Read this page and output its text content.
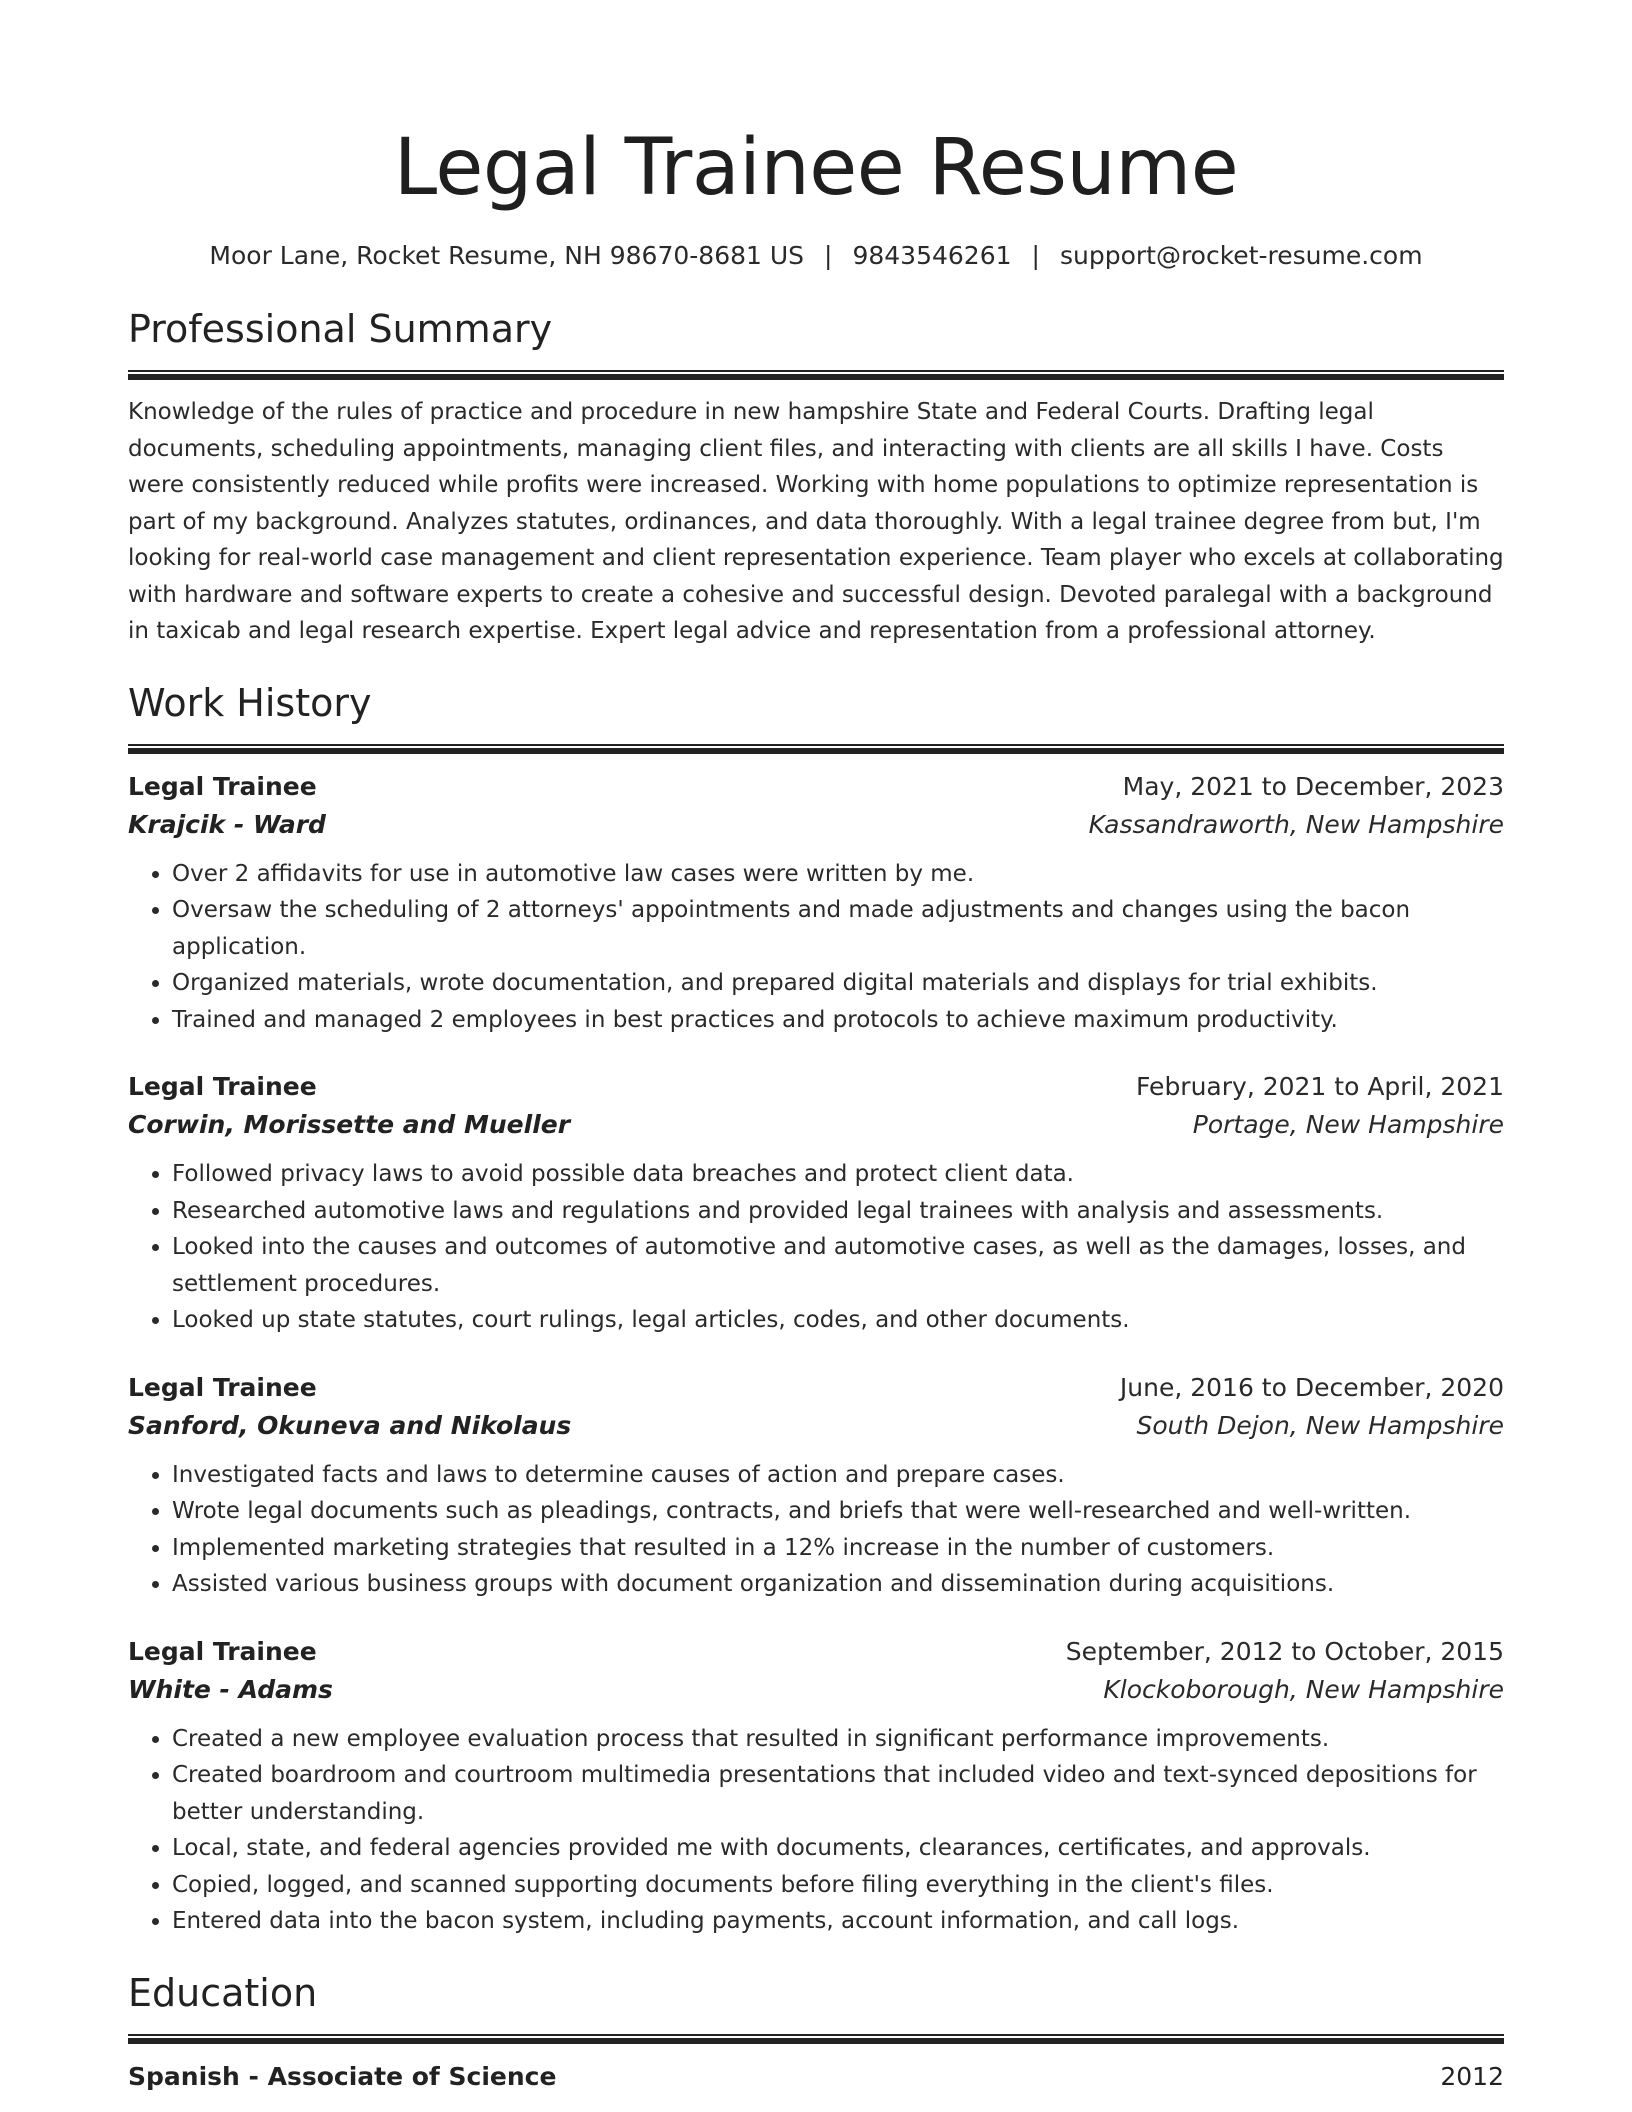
Legal Trainee Resume
Moor Lane, Rocket Resume, NH 98670-8681 US | 9843546261 | support@rocket-resume.com
Professional Summary

Knowledge of the rules of practice and procedure in new hampshire State and Federal Courts. Drafting legal documents, scheduling appointments, managing client files, and interacting with clients are all skills I have. Costs were consistently reduced while profits were increased. Working with home populations to optimize representation is part of my background. Analyzes statutes, ordinances, and data thoroughly. With a legal trainee degree from but, I'm looking for real-world case management and client representation experience. Team player who excels at collaborating with hardware and software experts to create a cohesive and successful design. Devoted paralegal with a background in taxicab and legal research expertise. Expert legal advice and representation from a professional attorney.

Work History
Legal Trainee	May, 2021 to December, 2023
Krajcik - Ward	Kassandraworth, New Hampshire
• Over 2 affidavits for use in automotive law cases were written by me.
• Oversaw the scheduling of 2 attorneys' appointments and made adjustments and changes using the bacon application.
• Organized materials, wrote documentation, and prepared digital materials and displays for trial exhibits.
• Trained and managed 2 employees in best practices and protocols to achieve maximum productivity.
Legal Trainee	February, 2021 to April, 2021
Corwin, Morissette and Mueller	Portage, New Hampshire
• Followed privacy laws to avoid possible data breaches and protect client data.
• Researched automotive laws and regulations and provided legal trainees with analysis and assessments.
• Looked into the causes and outcomes of automotive and automotive cases, as well as the damages, losses, and settlement procedures.
• Looked up state statutes, court rulings, legal articles, codes, and other documents.
Legal Trainee	June, 2016 to December, 2020
Sanford, Okuneva and Nikolaus	South Dejon, New Hampshire
• Investigated facts and laws to determine causes of action and prepare cases.
• Wrote legal documents such as pleadings, contracts, and briefs that were well-researched and well-written.
• Implemented marketing strategies that resulted in a 12% increase in the number of customers.
• Assisted various business groups with document organization and dissemination during acquisitions.
Legal Trainee	September, 2012 to October, 2015
White - Adams	Klockoborough, New Hampshire
• Created a new employee evaluation process that resulted in significant performance improvements.
• Created boardroom and courtroom multimedia presentations that included video and text-synced depositions for better understanding.
• Local, state, and federal agencies provided me with documents, clearances, certificates, and approvals.
• Copied, logged, and scanned supporting documents before filing everything in the client's files.
• Entered data into the bacon system, including payments, account information, and call logs.
Education
Spanish - Associate of Science	2012
